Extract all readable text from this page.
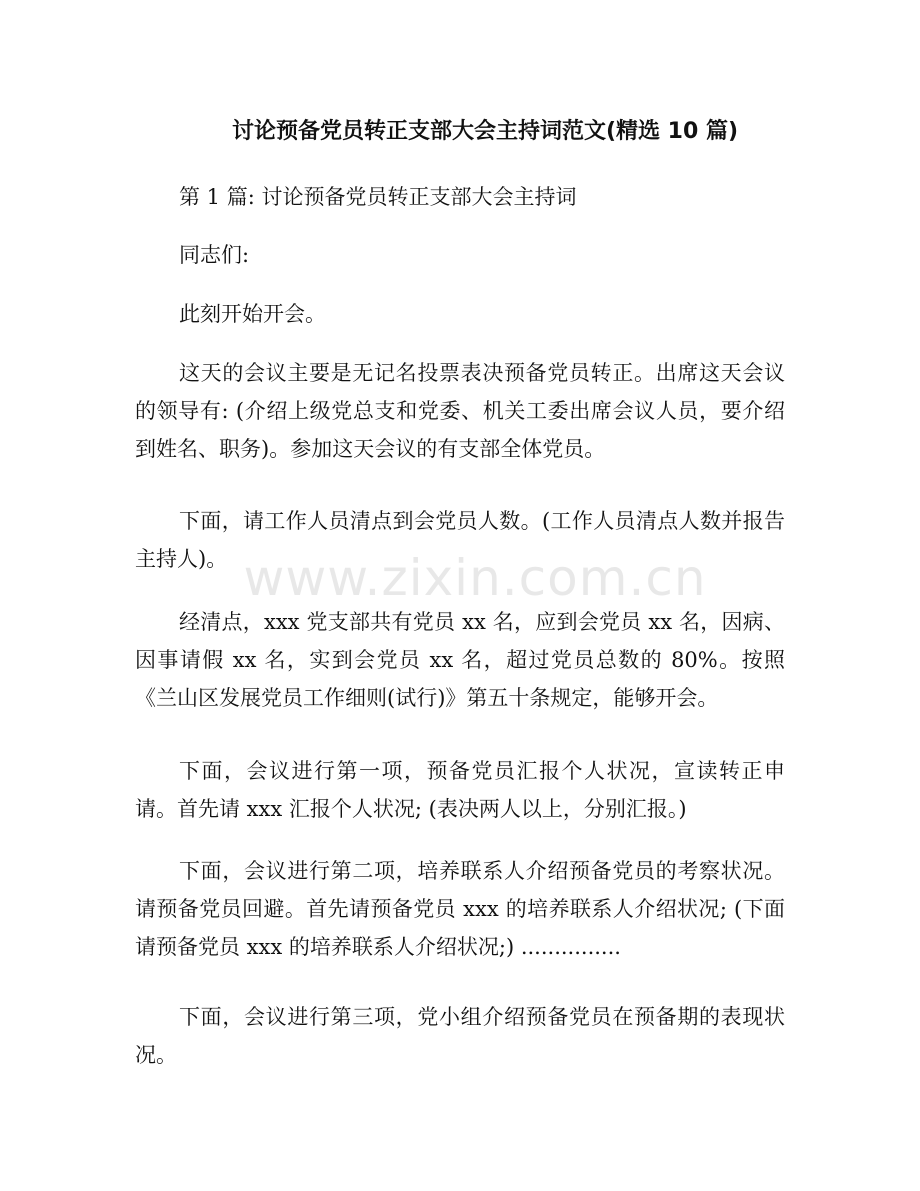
讨论预备党员转正支部大会主持词范文(精选 10 篇)

第 1 篇: 讨论预备党员转正支部大会主持词

同志们:

此刻开始开会。

这天的会议主要是无记名投票表决预备党员转正。出席这天会议的领导有: (介绍上级党总支和党委、机关工委出席会议人员，要介绍到姓名、职务)。参加这天会议的有支部全体党员。

下面，请工作人员清点到会党员人数。(工作人员清点人数并报告主持人)。

经清点，xxx 党支部共有党员 xx 名，应到会党员 xx 名，因病、因事请假 xx 名，实到会党员 xx 名，超过党员总数的 80%。按照《兰山区发展党员工作细则(试行)》第五十条规定，能够开会。

下面，会议进行第一项，预备党员汇报个人状况，宣读转正申请。首先请 xxx 汇报个人状况; (表决两人以上，分别汇报。)

下面，会议进行第二项，培养联系人介绍预备党员的考察状况。请预备党员回避。首先请预备党员 xxx 的培养联系人介绍状况; (下面请预备党员 xxx 的培养联系人介绍状况;) ...............

下面，会议进行第三项，党小组介绍预备党员在预备期的表现状况。

www.zixin.com.cn
